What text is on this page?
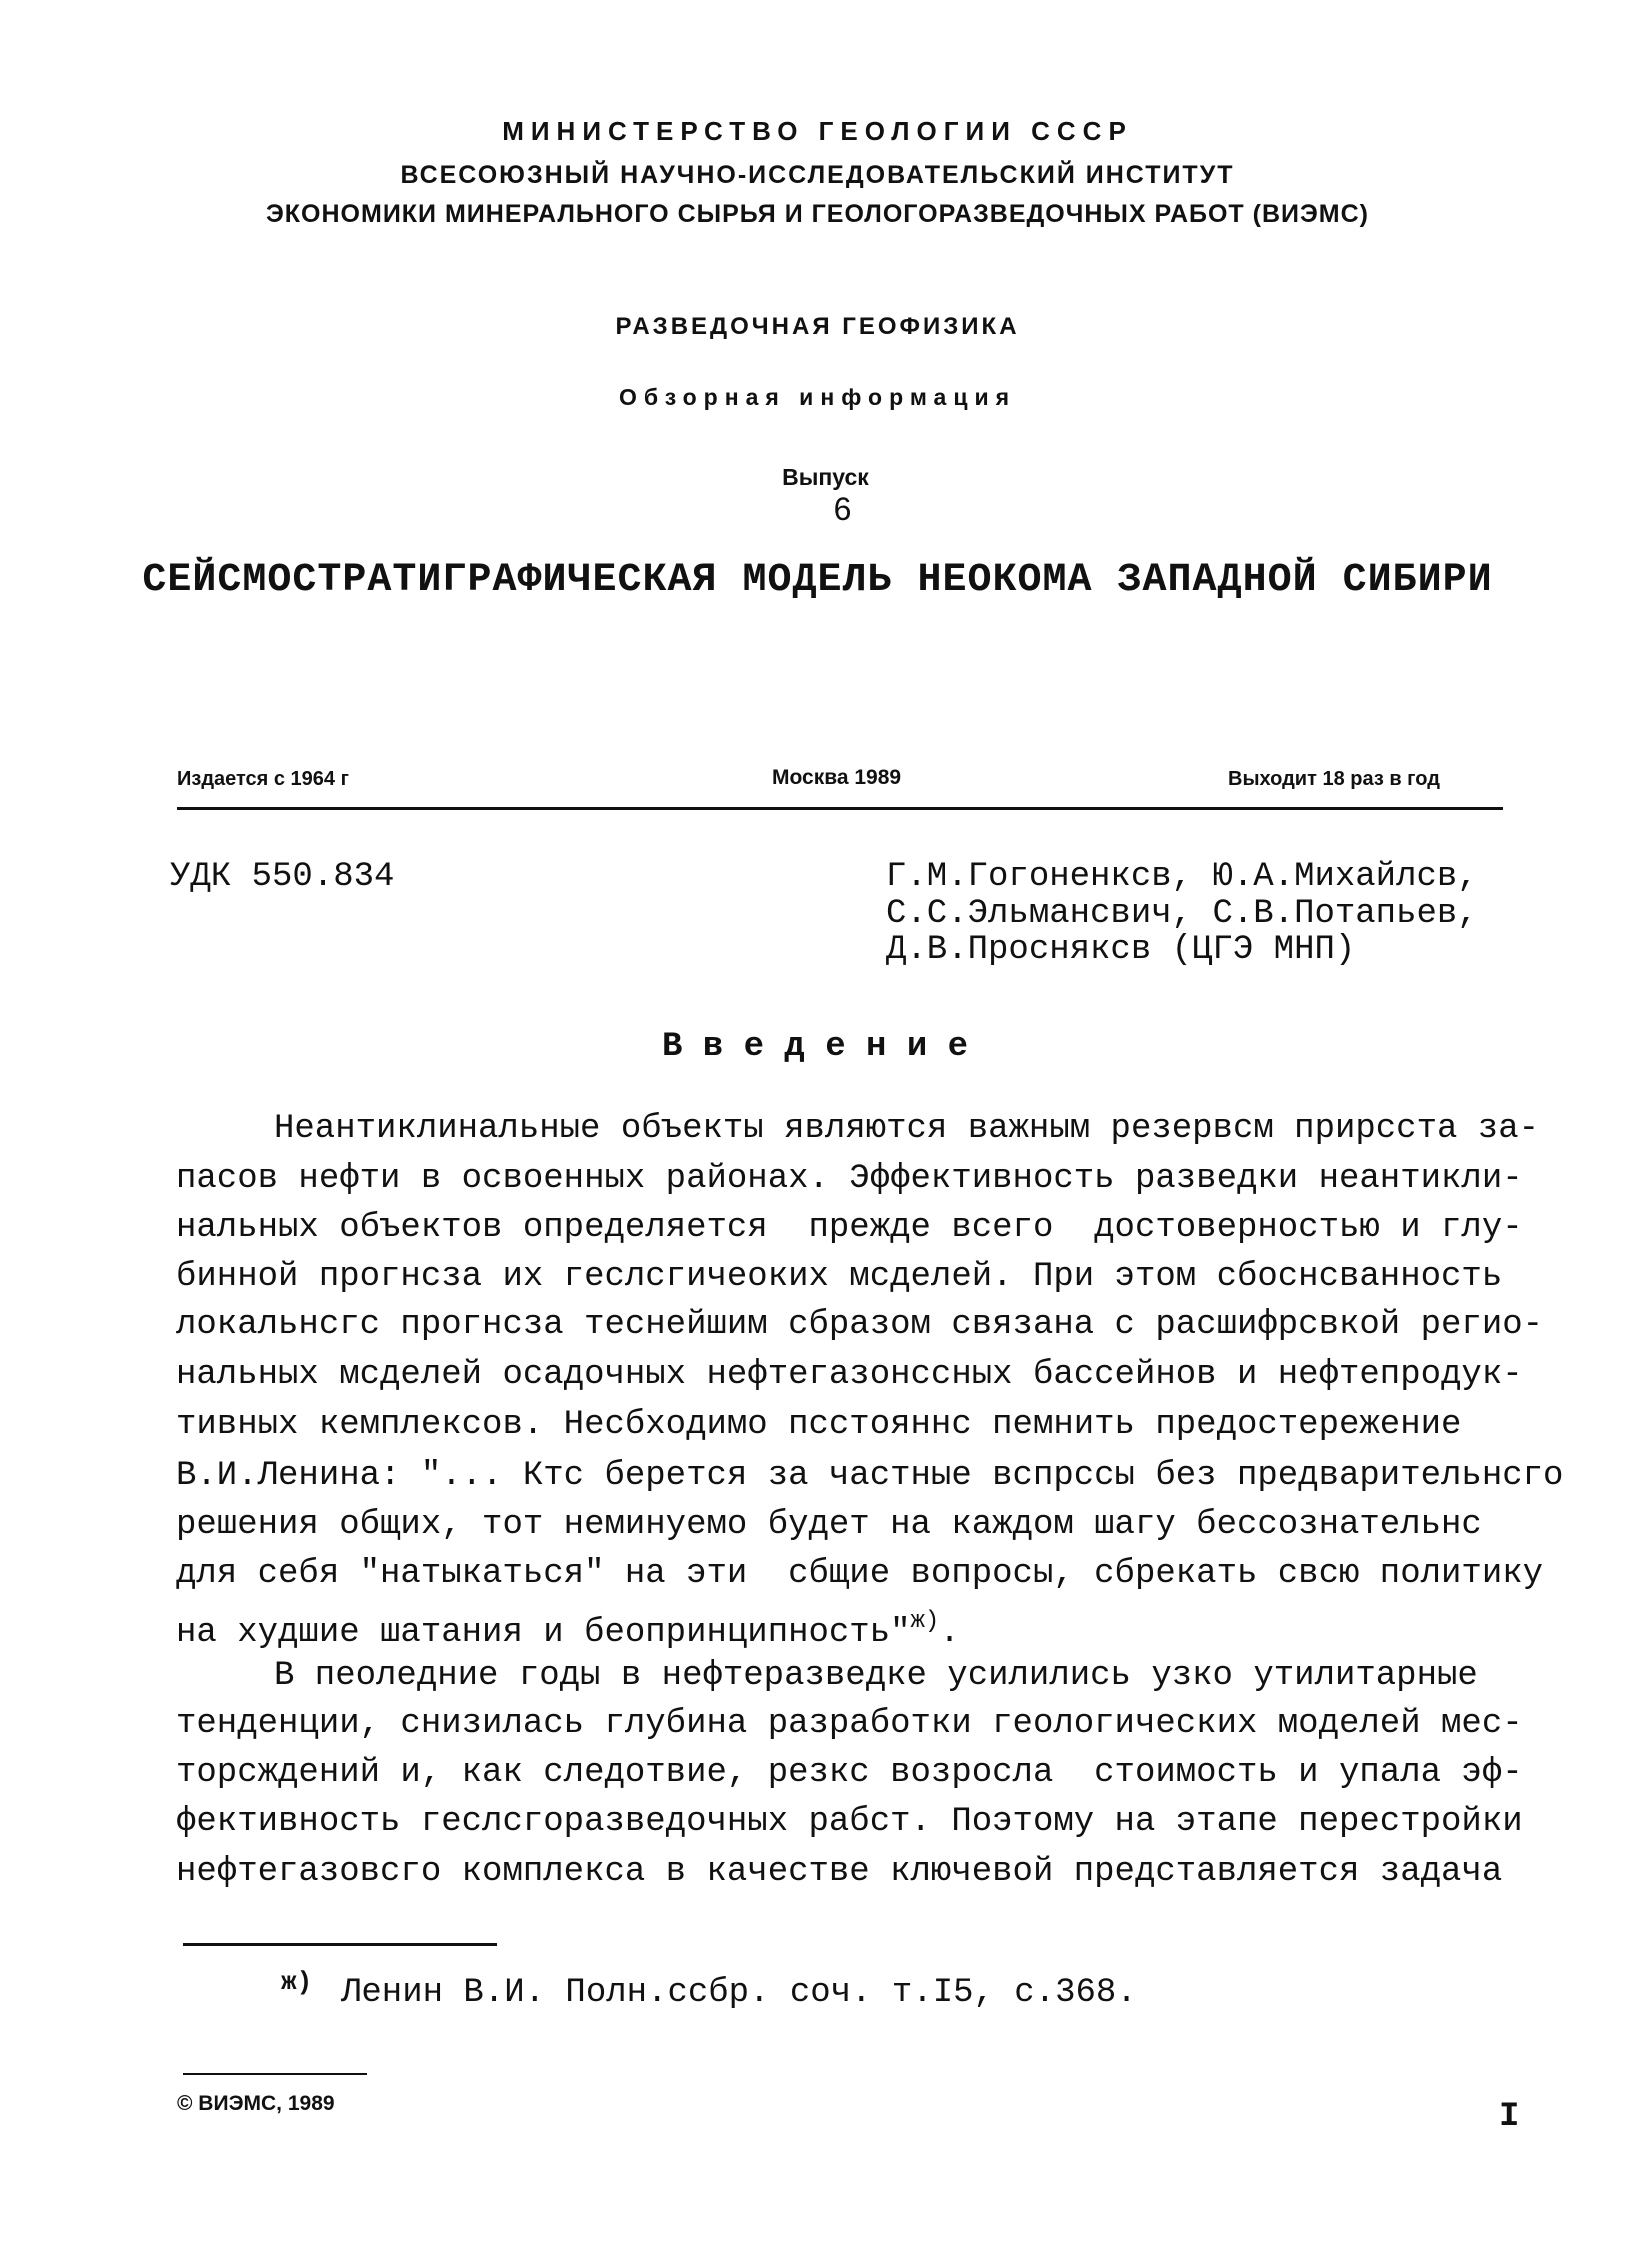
МИНИСТЕРСТВО ГЕОЛОГИИ СССР
ВСЕСОЮЗНЫЙ НАУЧНО-ИССЛЕДОВАТЕЛЬСКИЙ ИНСТИТУТ
ЭКОНОМИКИ МИНЕРАЛЬНОГО СЫРЬЯ И ГЕОЛОГОРАЗВЕДОЧНЫХ РАБОТ (ВИЭМС)
РАЗВЕДОЧНАЯ ГЕОФИЗИКА
Обзорная информация

Выпуск
6

СЕЙСМОСТРАТИГРАФИЧЕСКАЯ МОДЕЛЬ НЕОКОМА ЗАПАДНОЙ СИБИРИ
Издается с 1964 г	Москва 1989	Выходит 18 раз в год
УДК 550.834	Г.М.Гогоненксв, Ю.А.Михайлсв,
С.С.Эльмансвич, С.В.Потапьев,
Д.В.Просняксв (ЦГЭ МНП)
В в е д е н и е
Неантиклинальные объекты являются важным резервсм прирсста за-
пасов нефти в освоенных районах. Эффективность разведки неантикли-
нальных объектов определяется  прежде всего  достоверностью и глу-
бинной прогнсза их геслсгичеоких мсделей. При этом сбоснсванность
локальнсгс прогнсза теснейшим сбразом связана с расшифрсвкой регио-
нальных мсделей осадочных нефтегазонссных бассейнов и нефтепродук-
тивных кемплексов. Несбходимо псстояннс пемнить предостережение
В.И.Ленина: "... Ктс берется за частные вспрссы без предварительнсго
решения общих, тот неминуемо будет на каждом шагу бессознательнс
для себя "натыкаться" на эти  сбщие вопросы, сбрекать свсю политику
на худшие шатания и беопринципность"$^{ж)}$.
В пеоледние годы в нефтеразведке усилились узко утилитарные
тенденции, снизилась глубина разработки геологических моделей мес-
торсждений и, как следотвие, резкс возросла  стоимость и упала эф-
фективность геслсгоразведочных рабст. Поэтому на этапе перестройки
нефтегазовсго комплекса в качестве ключевой представляется задача
ж) Ленин В.И. Полн.ссбр. соч. т.I5, с.368.
© ВИЭМС, 1989	I
